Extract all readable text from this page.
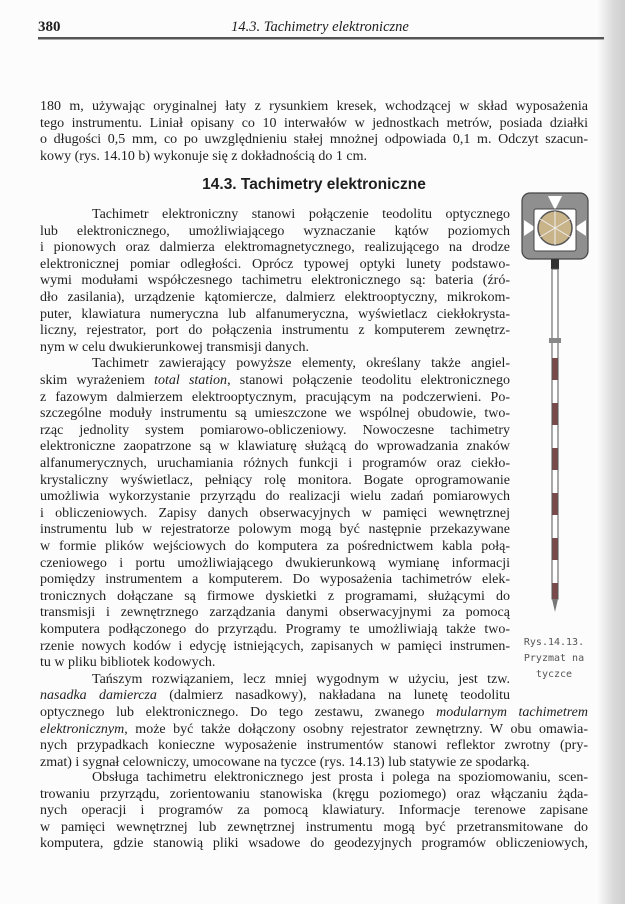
380	14.3. Tachimetry elektroniczne
14.3. Tachimetry elektroniczne
180 m, używając oryginalnej łaty z rysunkiem kresek, wchodzącej w skład wyposażenia
tego instrumentu. Liniał opisany co 10 interwałów w jednostkach metrów, posiada działki
o długości 0,5 mm, co po uwzględnieniu stałej mnożnej odpowiada 0,1 m. Odczyt szacun-
kowy (rys. 14.10 b) wykonuje się z dokładnością do 1 cm.
Tachimetr elektroniczny stanowi połączenie teodolitu optycznego
lub elektronicznego, umożliwiającego wyznaczanie kątów poziomych
i pionowych oraz dalmierza elektromagnetycznego, realizującego na drodze
elektronicznej pomiar odległości. Oprócz typowej optyki lunety podstawo-
wymi modułami współczesnego tachimetru elektronicznego są: bateria (źró-
dło zasilania), urządzenie kątomiercze, dalmierz elektrooptyczny, mikrokom-
puter, klawiatura numeryczna lub alfanumeryczna, wyświetlacz ciekłokrysta-
liczny, rejestrator, port do połączenia instrumentu z komputerem zewnętrz-
nym w celu dwukierunkowej transmisji danych.
Tachimetr zawierający powyższe elementy, określany także angiel-
skim wyrażeniem total station, stanowi połączenie teodolitu elektronicznego
z fazowym dalmierzem elektrooptycznym, pracującym na podczerwieni. Po-
szczególne moduły instrumentu są umieszczone we wspólnej obudowie, two-
rząc jednolity system pomiarowo-obliczeniowy. Nowoczesne tachimetry
elektroniczne zaopatrzone są w klawiaturę służącą do wprowadzania znaków
alfanumerycznych, uruchamiania różnych funkcji i programów oraz ciekło-
krystaliczny wyświetlacz, pełniący rolę monitora. Bogate oprogramowanie
umożliwia wykorzystanie przyrządu do realizacji wielu zadań pomiarowych
i obliczeniowych. Zapisy danych obserwacyjnych w pamięci wewnętrznej
instrumentu lub w rejestratorze polowym mogą być następnie przekazywane
w formie plików wejściowych do komputera za pośrednictwem kabla połą-
czeniowego i portu umożliwiającego dwukierunkową wymianę informacji
pomiędzy instrumentem a komputerem. Do wyposażenia tachimetrów elek-
tronicznych dołączane są firmowe dyskietki z programami, służącymi do
transmisji i zewnętrznego zarządzania danymi obserwacyjnymi za pomocą
komputera podłączonego do przyrządu. Programy te umożliwiają także two-
rzenie nowych kodów i edycję istniejących, zapisanych w pamięci instrumen-
tu w pliku bibliotek kodowych.
Tańszym rozwiązaniem, lecz mniej wygodnym w użyciu, jest tzw.
nasadka damiercza (dalmierz nasadkowy), nakładana na lunetę teodolitu
optycznego lub elektronicznego. Do tego zestawu, zwanego modularnym tachimetrem
elektronicznym, może być także dołączony osobny rejestrator zewnętrzny. W obu omawia-
nych przypadkach konieczne wyposażenie instrumentów stanowi reflektor zwrotny (pry-
zmat) i sygnał celowniczy, umocowane na tyczce (rys. 14.13) lub statywie ze spodarką.
Obsługa tachimetru elektronicznego jest prosta i polega na spoziomowaniu, scen-
trowaniu przyrządu, zorientowaniu stanowiska (kręgu poziomego) oraz włączaniu żąda-
nych operacji i programów za pomocą klawiatury. Informacje terenowe zapisane
w pamięci wewnętrznej lub zewnętrznej instrumentu mogą być przetransmitowane do
komputera, gdzie stanowią pliki wsadowe do geodezyjnych programów obliczeniowych,
Rys.14.13.
Pryzmat na
tyczce
